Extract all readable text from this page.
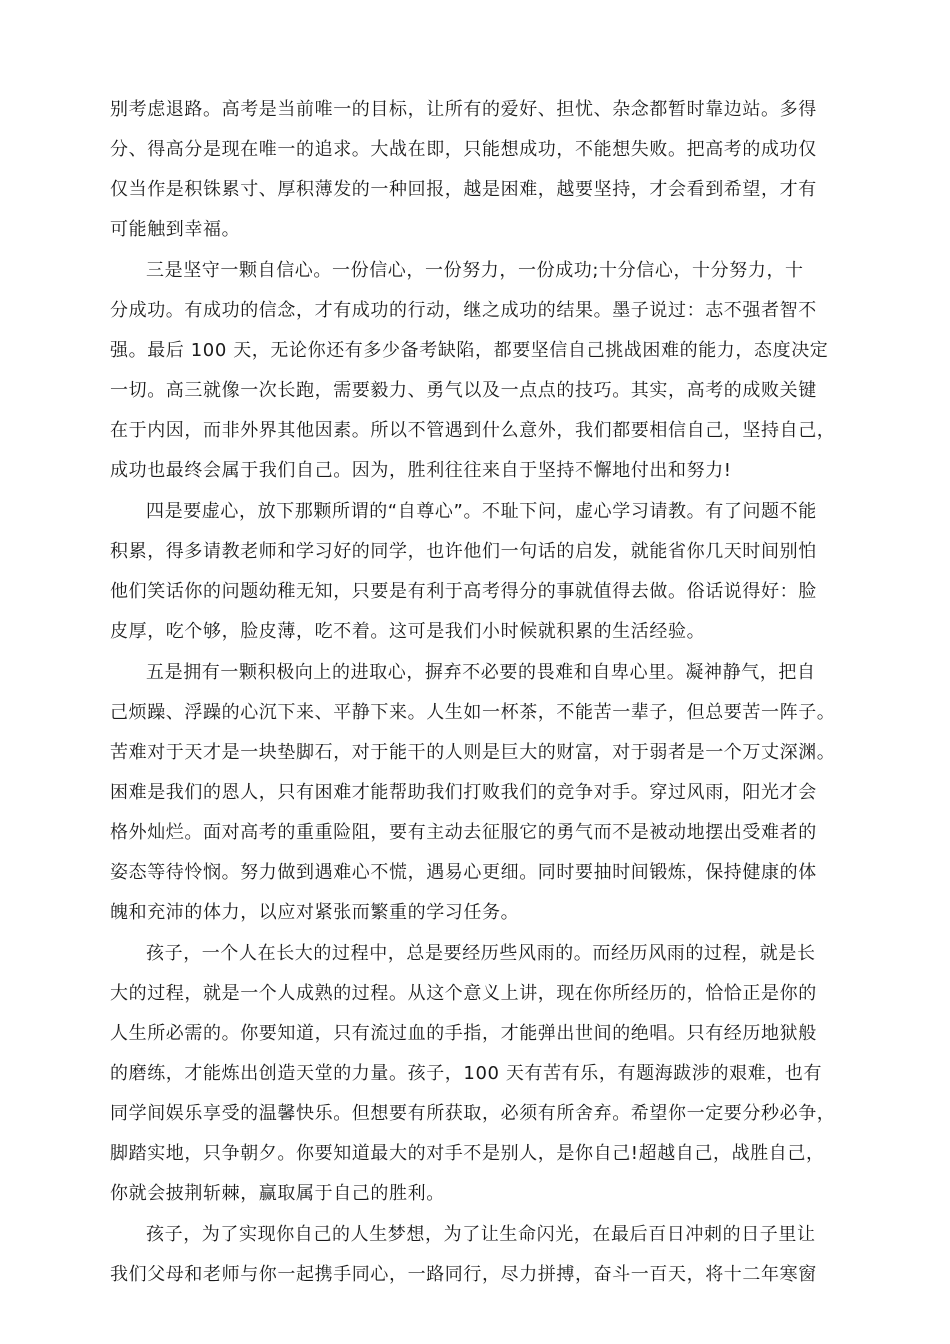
别考虑退路。高考是当前唯一的目标，让所有的爱好、担忧、杂念都暂时靠边站。多得
分、得高分是现在唯一的追求。大战在即，只能想成功，不能想失败。把高考的成功仅
仅当作是积铢累寸、厚积薄发的一种回报，越是困难，越要坚持，才会看到希望，才有
可能触到幸福。
三是坚守一颗自信心。一份信心，一份努力，一份成功;十分信心，十分努力，十
分成功。有成功的信念，才有成功的行动，继之成功的结果。墨子说过：志不强者智不
强。最后 100 天，无论你还有多少备考缺陷，都要坚信自己挑战困难的能力，态度决定
一切。高三就像一次长跑，需要毅力、勇气以及一点点的技巧。其实，高考的成败关键
在于内因，而非外界其他因素。所以不管遇到什么意外，我们都要相信自己，坚持自己，
成功也最终会属于我们自己。因为，胜利往往来自于坚持不懈地付出和努力!
四是要虚心，放下那颗所谓的“自尊心”。不耻下问，虚心学习请教。有了问题不能
积累，得多请教老师和学习好的同学，也许他们一句话的启发，就能省你几天时间别怕
他们笑话你的问题幼稚无知，只要是有利于高考得分的事就值得去做。俗话说得好：脸
皮厚，吃个够，脸皮薄，吃不着。这可是我们小时候就积累的生活经验。
五是拥有一颗积极向上的进取心，摒弃不必要的畏难和自卑心里。凝神静气，把自
己烦躁、浮躁的心沉下来、平静下来。人生如一杯茶，不能苦一辈子，但总要苦一阵子。
苦难对于天才是一块垫脚石，对于能干的人则是巨大的财富，对于弱者是一个万丈深渊。
困难是我们的恩人，只有困难才能帮助我们打败我们的竞争对手。穿过风雨，阳光才会
格外灿烂。面对高考的重重险阻，要有主动去征服它的勇气而不是被动地摆出受难者的
姿态等待怜悯。努力做到遇难心不慌，遇易心更细。同时要抽时间锻炼，保持健康的体
魄和充沛的体力，以应对紧张而繁重的学习任务。
孩子，一个人在长大的过程中，总是要经历些风雨的。而经历风雨的过程，就是长
大的过程，就是一个人成熟的过程。从这个意义上讲，现在你所经历的，恰恰正是你的
人生所必需的。你要知道，只有流过血的手指，才能弹出世间的绝唱。只有经历地狱般
的磨练，才能炼出创造天堂的力量。孩子，100 天有苦有乐，有题海跋涉的艰难，也有
同学间娱乐享受的温馨快乐。但想要有所获取，必须有所舍弃。希望你一定要分秒必争，
脚踏实地，只争朝夕。你要知道最大的对手不是别人，是你自己!超越自己，战胜自己，
你就会披荆斩棘，赢取属于自己的胜利。
孩子，为了实现你自己的人生梦想，为了让生命闪光，在最后百日冲刺的日子里让
我们父母和老师与你一起携手同心，一路同行，尽力拼搏，奋斗一百天，将十二年寒窗
